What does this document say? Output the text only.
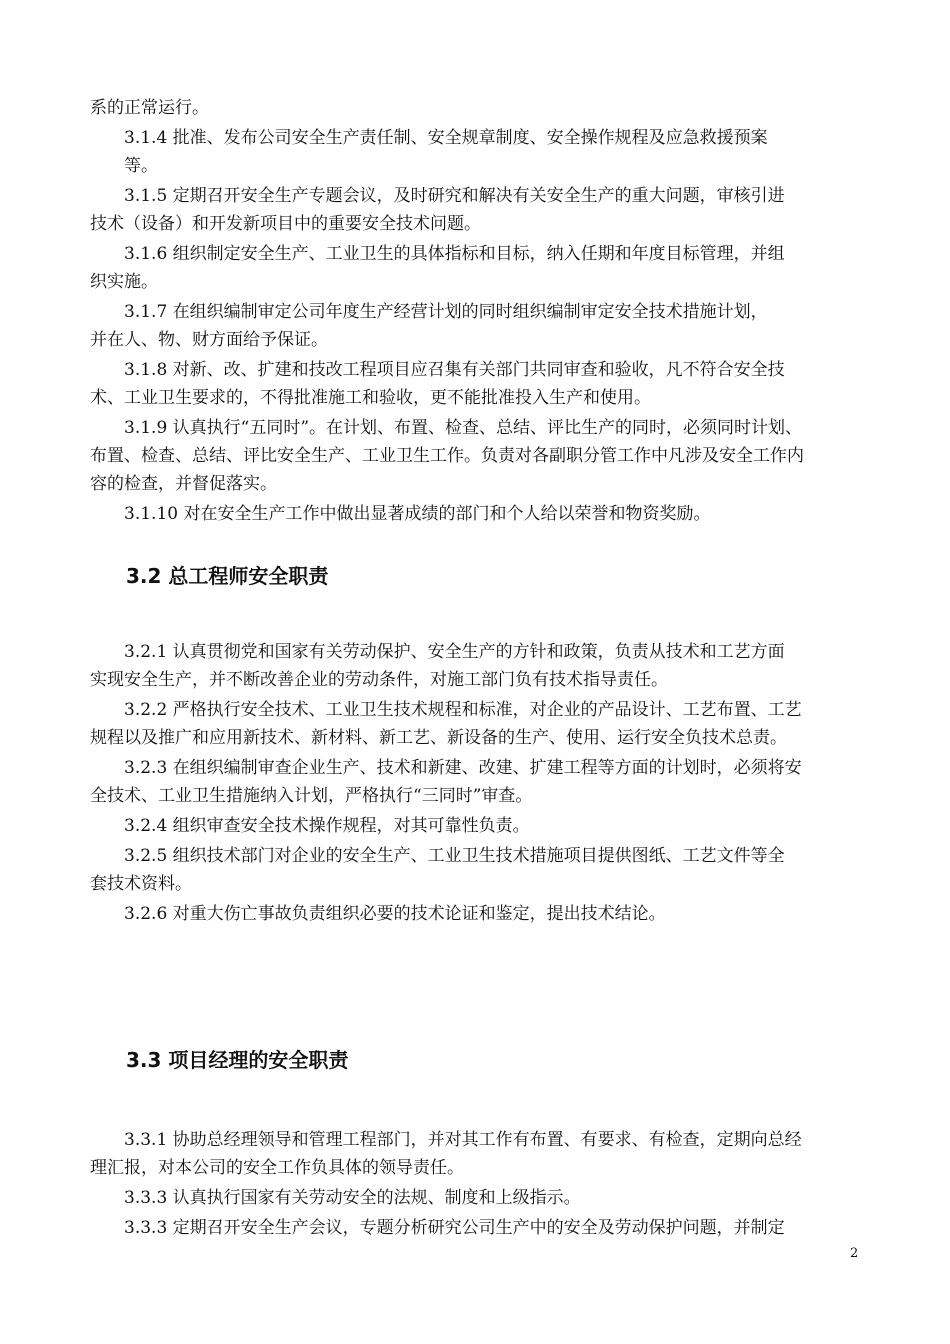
系的正常运行。
3.1.4 批准、发布公司安全生产责任制、安全规章制度、安全操作规程及应急救援预案
等。
3.1.5 定期召开安全生产专题会议，及时研究和解决有关安全生产的重大问题，审核引进
技术（设备）和开发新项目中的重要安全技术问题。
3.1.6 组织制定安全生产、工业卫生的具体指标和目标，纳入任期和年度目标管理，并组
织实施。
3.1.7 在组织编制审定公司年度生产经营计划的同时组织编制审定安全技术措施计划，
并在人、物、财方面给予保证。
3.1.8 对新、改、扩建和技改工程项目应召集有关部门共同审查和验收，凡不符合安全技
术、工业卫生要求的，不得批准施工和验收，更不能批准投入生产和使用。
3.1.9 认真执行“五同时”。在计划、布置、检查、总结、评比生产的同时，必须同时计划、
布置、检查、总结、评比安全生产、工业卫生工作。负责对各副职分管工作中凡涉及安全工作内
容的检查，并督促落实。
3.1.10 对在安全生产工作中做出显著成绩的部门和个人给以荣誉和物资奖励。
3.2 总工程师安全职责
3.2.1 认真贯彻党和国家有关劳动保护、安全生产的方针和政策，负责从技术和工艺方面
实现安全生产，并不断改善企业的劳动条件，对施工部门负有技术指导责任。
3.2.2 严格执行安全技术、工业卫生技术规程和标准，对企业的产品设计、工艺布置、工艺
规程以及推广和应用新技术、新材料、新工艺、新设备的生产、使用、运行安全负技术总责。
3.2.3 在组织编制审查企业生产、技术和新建、改建、扩建工程等方面的计划时，必须将安
全技术、工业卫生措施纳入计划，严格执行“三同时”审查。
3.2.4 组织审查安全技术操作规程，对其可靠性负责。
3.2.5 组织技术部门对企业的安全生产、工业卫生技术措施项目提供图纸、工艺文件等全
套技术资料。
3.2.6 对重大伤亡事故负责组织必要的技术论证和鉴定，提出技术结论。
3.3 项目经理的安全职责
3.3.1 协助总经理领导和管理工程部门，并对其工作有布置、有要求、有检查，定期向总经
理汇报，对本公司的安全工作负具体的领导责任。
3.3.3 认真执行国家有关劳动安全的法规、制度和上级指示。
3.3.3 定期召开安全生产会议，专题分析研究公司生产中的安全及劳动保护问题，并制定
2
